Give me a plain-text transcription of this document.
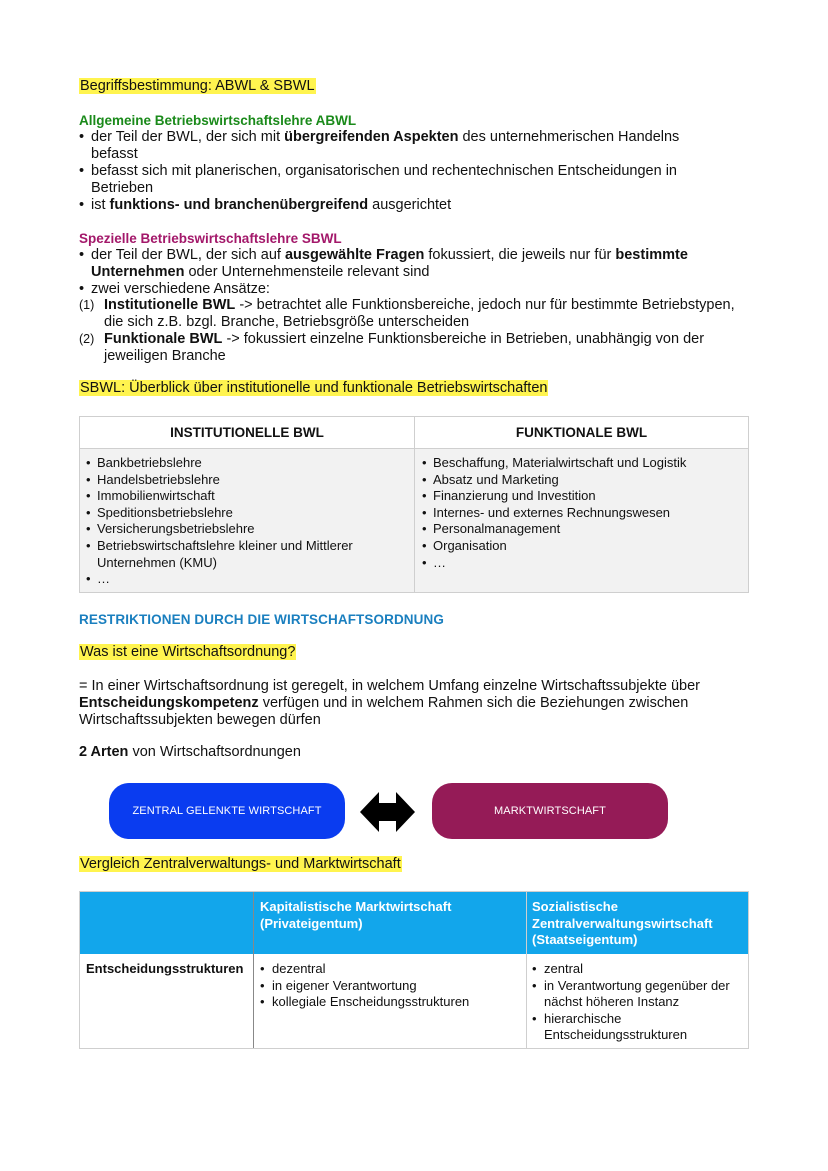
Begriffsbestimmung: ABWL & SBWL
Allgemeine Betriebswirtschaftslehre ABWL
• der Teil der BWL, der sich mit übergreifenden Aspekten des unternehmerischen Handelns befasst
• befasst sich mit planerischen, organisatorischen und rechentechnischen Entscheidungen in Betrieben
• ist funktions- und branchenübergreifend ausgerichtet
Spezielle Betriebswirtschaftslehre SBWL
• der Teil der BWL, der sich auf ausgewählte Fragen fokussiert, die jeweils nur für bestimmte Unternehmen oder Unternehmensteile relevant sind
• zwei verschiedene Ansätze:
(1) Institutionelle BWL -> betrachtet alle Funktionsbereiche, jedoch nur für bestimmte Betriebstypen, die sich z.B. bzgl. Branche, Betriebsgröße unterscheiden
(2) Funktionale BWL -> fokussiert einzelne Funktionsbereiche in Betrieben, unabhängig von der jeweiligen Branche
SBWL: Überblick über institutionelle und funktionale Betriebswirtschaften
INSTITUTIONELLE BWL	FUNKTIONALE BWL
• Bankbetriebslehre
• Handelsbetriebslehre
• Immobilienwirtschaft
• Speditionsbetriebslehre
• Versicherungsbetriebslehre
• Betriebswirtschaftslehre kleiner und Mittlerer Unternehmen (KMU)
• …
• Beschaffung, Materialwirtschaft und Logistik
• Absatz und Marketing
• Finanzierung und Investition
• Internes- und externes Rechnungswesen
• Personalmanagement
• Organisation
• …
RESTRIKTIONEN DURCH DIE WIRTSCHAFTSORDNUNG
Was ist eine Wirtschaftsordnung?
= In einer Wirtschaftsordnung ist geregelt, in welchem Umfang einzelne Wirtschaftssubjekte über Entscheidungskompetenz verfügen und in welchem Rahmen sich die Beziehungen zwischen Wirtschaftssubjekten bewegen dürfen
2 Arten von Wirtschaftsordnungen
ZENTRAL GELENKTE WIRTSCHAFT	MARKTWIRTSCHAFT
Vergleich Zentralverwaltungs- und Marktwirtschaft
Kapitalistische Marktwirtschaft (Privateigentum)
Sozialistische Zentralverwaltungswirtschaft (Staatseigentum)
Entscheidungsstrukturen
•	dezentral
• in eigener Verantwortung
• kollegiale Enscheidungsstrukturen
• zentral
• in Verantwortung gegenüber der nächst höheren Instanz
• hierarchische Entscheidungsstrukturen
